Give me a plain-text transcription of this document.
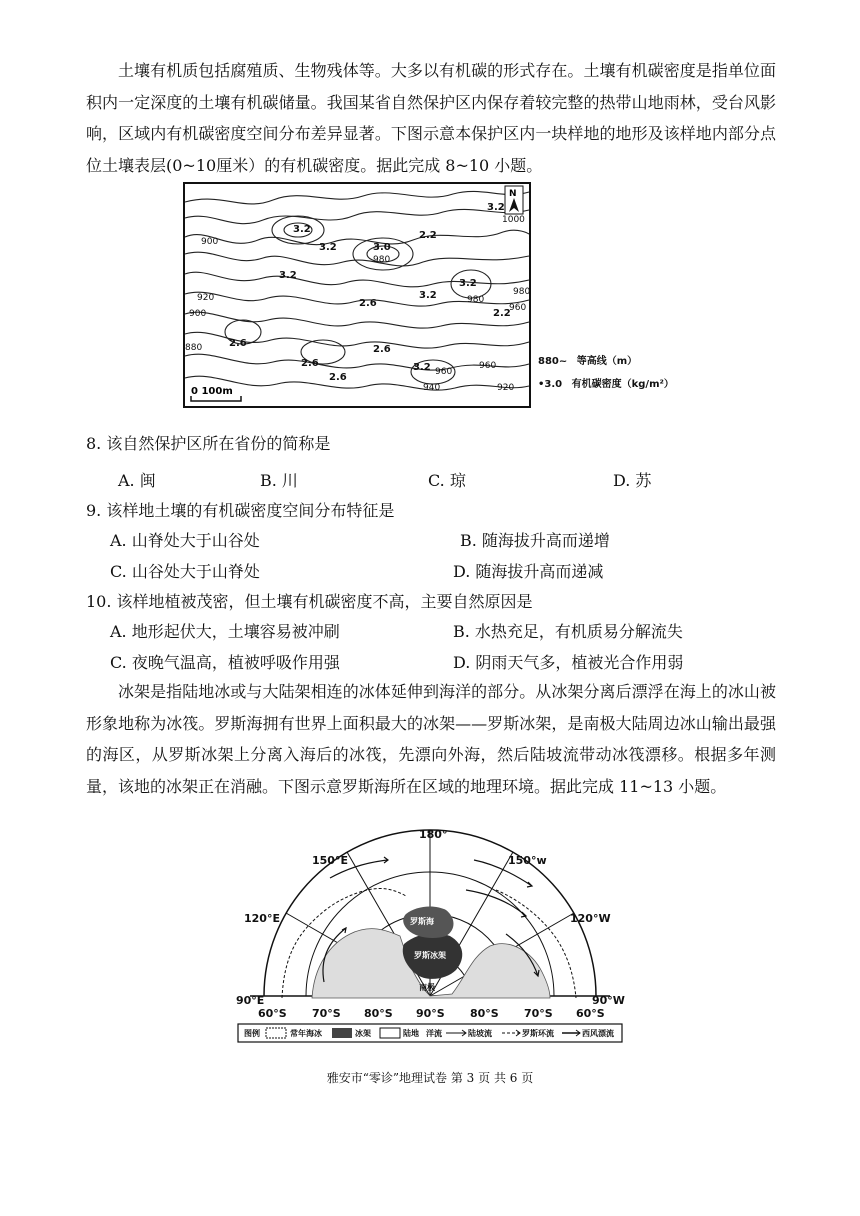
土壤有机质包括腐殖质、生物残体等。大多以有机碳的形式存在。土壤有机碳密度是指单位面积内一定深度的土壤有机碳储量。我国某省自然保护区内保存着较完整的热带山地雨林，受台风影响，区域内有机碳密度空间分布差异显著。下图示意本保护区内一块样地的地形及该样地内部分点位土壤表层(0~10厘米）的有机碳密度。据此完成 8~10 小题。

1000
900
980
920
900
880
960
980
960
940
960
920
980
3.2
3.2
3.2
3.0
2.2
3.2
2.6
3.2
3.2
2.2
2.6
2.6
2.6
2.6
3.2
N
0 100m
880~ 等高线（m）
•3.0 有机碳密度（kg/m²）
8. 该自然保护区所在省份的简称是
A. 闽	B. 川	C. 琼	D. 苏
9. 该样地土壤的有机碳密度空间分布特征是
A. 山脊处大于山谷处	B. 随海拔升高而递增
C. 山谷处大于山脊处	D. 随海拔升高而递减
10. 该样地植被茂密，但土壤有机碳密度不高，主要自然原因是
A. 地形起伏大，土壤容易被冲刷	B. 水热充足，有机质易分解流失
C. 夜晚气温高，植被呼吸作用强	D. 阴雨天气多，植被光合作用弱

冰架是指陆地冰或与大陆架相连的冰体延伸到海洋的部分。从冰架分离后漂浮在海上的冰山被形象地称为冰筏。罗斯海拥有世界上面积最大的冰架——罗斯冰架，是南极大陆周边冰山输出最强的海区，从罗斯冰架上分离入海后的冰筏，先漂向外海，然后陆坡流带动冰筏漂移。根据多年测量，该地的冰架正在消融。下图示意罗斯海所在区域的地理环境。据此完成 11~13 小题。

180°
150°E	150°w
120°E	120°W
90°E	90°W
60°S 70°S 80°S 90°S 80°S 70°S 60°S
罗斯海
罗斯冰架
南极
图例	常年海冰	冰架	陆地 洋流	陆坡流	罗斯环流	西风漂流
雅安市“零诊”地理试卷 第 3 页 共 6 页
